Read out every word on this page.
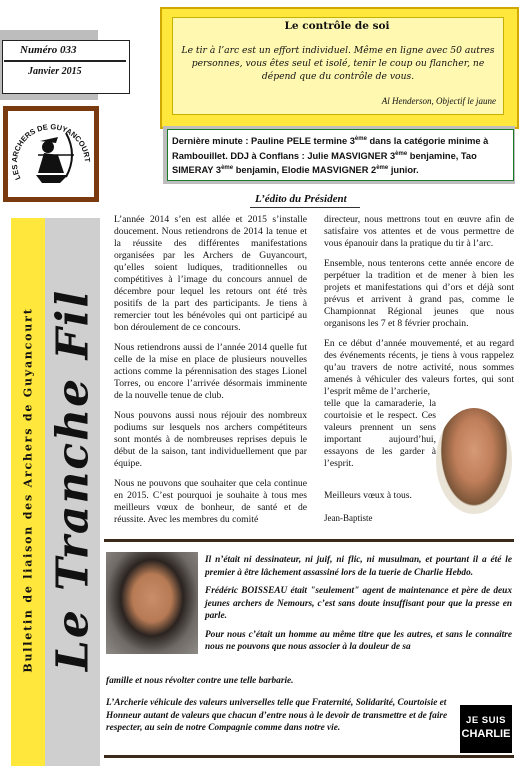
Numéro 033
Janvier 2015
LES ARCHERS DE GUYANCOURT
Le contrôle de soi
Le tir à l’arc est un effort individuel. Même en ligne avec 50 autres personnes, vous êtes seul et isolé, tenir le coup ou flancher, ne dépend que du contrôle de vous.
Al Henderson, Objectif le jaune
Dernière minute : Pauline PELE termine 3ème dans la catégorie minime à Rambouillet. DDJ à Conflans : Julie MASVIGNER 3ème benjamine, Tao SIMERAY 3ème benjamin, Elodie MASVIGNER 2ème junior.
L’édito du Président
Bulletin de liaison des Archers de Guyancourt Le Tranche Fil

L’année 2014 s’en est allée et 2015 s’installe doucement. Nous retiendrons de 2014 la tenue et la réussite des différentes manifestations organisées par les Archers de Guyancourt, qu’elles soient ludiques, traditionnelles ou compétitives à l’image du concours annuel de décembre pour lequel les retours ont été très positifs de la part des participants. Je tiens à remercier tout les bénévoles qui ont participé au bon déroulement de ce concours.

Nous retiendrons aussi de l’année 2014 quelle fut celle de la mise en place de plusieurs nouvelles actions comme la pérennisation des stages Lionel Torres, ou encore l’arrivée désormais imminente de la nouvelle tenue de club.

Nous pouvons aussi nous réjouir des nombreux podiums sur lesquels nos archers compétiteurs sont montés à de nombreuses reprises depuis le début de la saison, tant individuellement que par équipe.

Nous ne pouvons que souhaiter que cela continue en 2015. C’est pourquoi je souhaite à tous mes meilleurs vœux de bonheur, de santé et de réussite. Avec les membres du comité

directeur, nous mettrons tout en œuvre afin de satisfaire vos attentes et de vous permettre de vous épanouir dans la pratique du tir à l’arc.

Ensemble, nous tenterons cette année encore de perpétuer la tradition et de mener à bien les projets et manifestations qui d’ors et déjà sont prévus et arrivent à grand pas, comme le Championnat Régional jeunes que nous organisons les 7 et 8 février prochain.

En ce début d’année mouvementé, et au regard des événements récents, je tiens à vous rappelez qu’au travers de notre activité, nous sommes amenés à véhiculer des valeurs fortes, qui sont l’esprit même de l’archerie,

telle que la camaraderie, la courtoisie et le respect. Ces valeurs prennent un sens important aujourd’hui, essayons de les garder à l’esprit.

Meilleurs vœux à tous.
Jean-Baptiste

Il n’était ni dessinateur, ni juif, ni flic, ni musulman, et pourtant il a été le premier à être lâchement assassiné lors de la tuerie de Charlie Hebdo.

Frédéric BOISSEAU était "seulement" agent de maintenance et père de deux jeunes archers de Nemours, c’est sans doute insuffisant pour que la presse en parle.

Pour nous c’était un homme au même titre que les autres, et sans le connaître nous ne pouvons que nous associer à la douleur de sa

famille et nous révolter contre une telle barbarie.
L’Archerie véhicule des valeurs universelles telle que Fraternité, Solidarité, Courtoisie et Honneur autant de valeurs que chacun d’entre nous à le devoir de transmettre et de faire respecter, au sein de notre Compagnie comme dans notre vie.
JE SUIS
CHARLIE
